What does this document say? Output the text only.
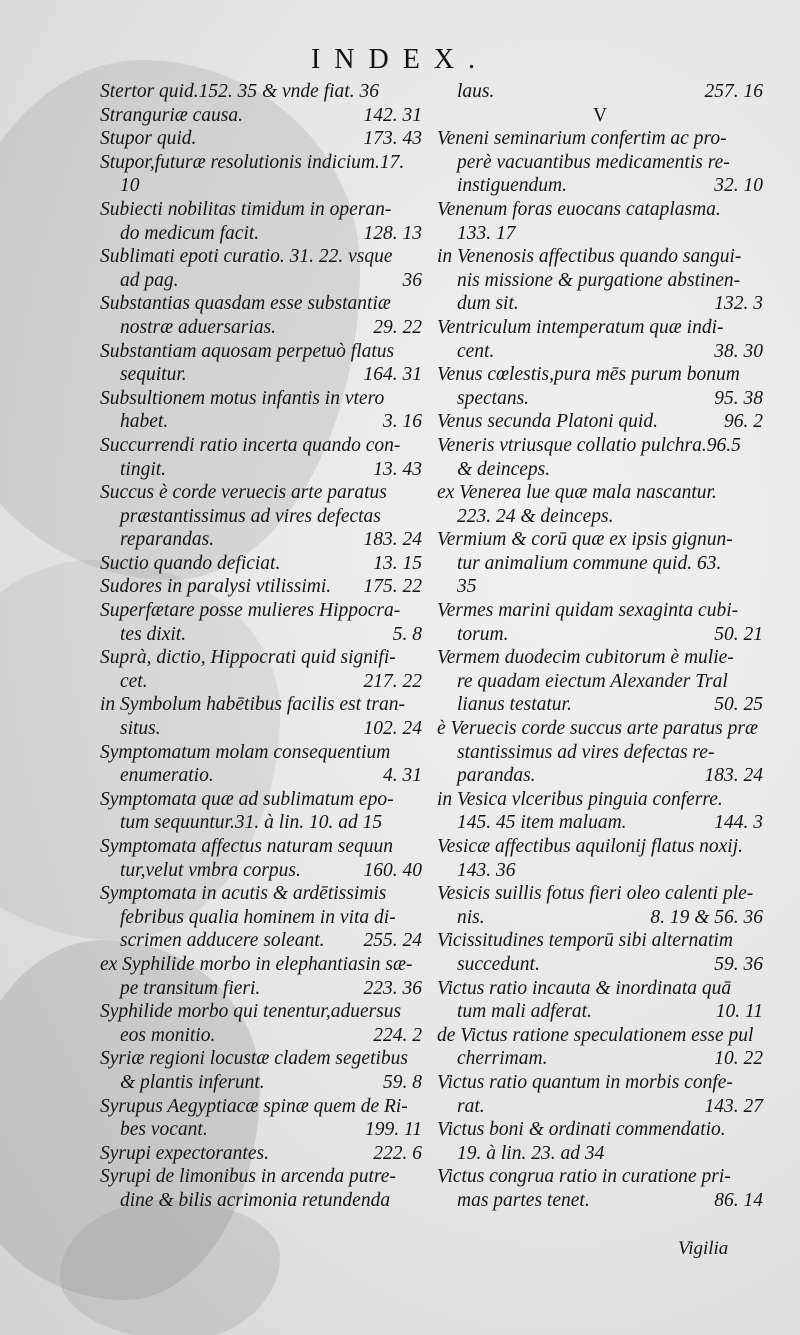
INDEX.
Stertor quid.152. 35 & vnde fiat. 36
Stranguriæ causa.	142. 31
Stupor quid.	173. 43
Stupor,futuræ resolutionis indicium.17.
10
Subiecti nobilitas timidum in operan-
do medicum facit.	128. 13
Sublimati epoti curatio. 31. 22. vsque
ad pag.	36
Substantias quasdam esse substantiæ
nostræ aduersarias.	29. 22
Substantiam aquosam perpetuò flatus
sequitur.	164. 31
Subsultionem motus infantis in vtero
habet.	3. 16
Succurrendi ratio incerta quando con-
tingit.	13. 43
Succus è corde veruecis arte paratus
præstantissimus ad vires defectas
reparandas.	183. 24
Suctio quando deficiat.	13. 15
Sudores in paralysi vtilissimi.	175. 22
Superfætare posse mulieres Hippocra-
tes dixit.	5. 8
Suprà, dictio, Hippocrati quid signifi-
cet.	217. 22
in Symbolum habētibus facilis est tran-
situs.	102. 24
Symptomatum molam consequentium
enumeratio.	4. 31
Symptomata quæ ad sublimatum epo-
tum sequuntur.31. à lin. 10. ad 15
Symptomata affectus naturam sequun
tur,velut vmbra corpus.	160. 40
Symptomata in acutis & ardētissimis
febribus qualia hominem in vita di-
scrimen adducere soleant.	255. 24
ex Syphilide morbo in elephantiasin sæ-
pe transitum fieri.	223. 36
Syphilide morbo qui tenentur,aduersus
eos monitio.	224. 2
Syriæ regioni locustæ cladem segetibus
& plantis inferunt.	59. 8
Syrupus Aegyptiacæ spinæ quem de Ri-
bes vocant.	199. 11
Syrupi expectorantes.	222. 6
Syrupi de limonibus in arcenda putre-
dine & bilis acrimonia retundenda
laus.	257. 16
V
Veneni seminarium confertim ac pro-
perè vacuantibus medicamentis re-
instiguendum.	32. 10
Venenum foras euocans cataplasma.
133. 17
in Venenosis affectibus quando sangui-
nis missione & purgatione abstinen-
dum sit.	132. 3
Ventriculum intemperatum quæ indi-
cent.	38. 30
Venus cœlestis,pura mēs purum bonum
spectans.	95. 38
Venus secunda Platoni quid.	96. 2
Veneris vtriusque collatio pulchra.96.5
& deinceps.
ex Venerea lue quæ mala nascantur.
223. 24 & deinceps.
Vermium & corū quæ ex ipsis gignun-
tur animalium commune quid. 63.
35
Vermes marini quidam sexaginta cubi-
torum.	50. 21
Vermem duodecim cubitorum è mulie-
re quadam eiectum Alexander Tral
lianus testatur.	50. 25
è Veruecis corde succus arte paratus præ
stantissimus ad vires defectas re-
parandas.	183. 24
in Vesica vlceribus pinguia conferre.
145. 45 item maluam.	144. 3
Vesicæ affectibus aquilonij flatus noxij.
143. 36
Vesicis suillis fotus fieri oleo calenti ple-
nis.	8. 19 & 56. 36
Vicissitudines temporū sibi alternatim
succedunt.	59. 36
Victus ratio incauta & inordinata quā
tum mali adferat.	10. 11
de Victus ratione speculationem esse pul
cherrimam.	10. 22
Victus ratio quantum in morbis confe-
rat.	143. 27
Victus boni & ordinati commendatio.
19. à lin. 23. ad 34
Victus congrua ratio in curatione pri-
mas partes tenet.	86. 14
Vigilia
